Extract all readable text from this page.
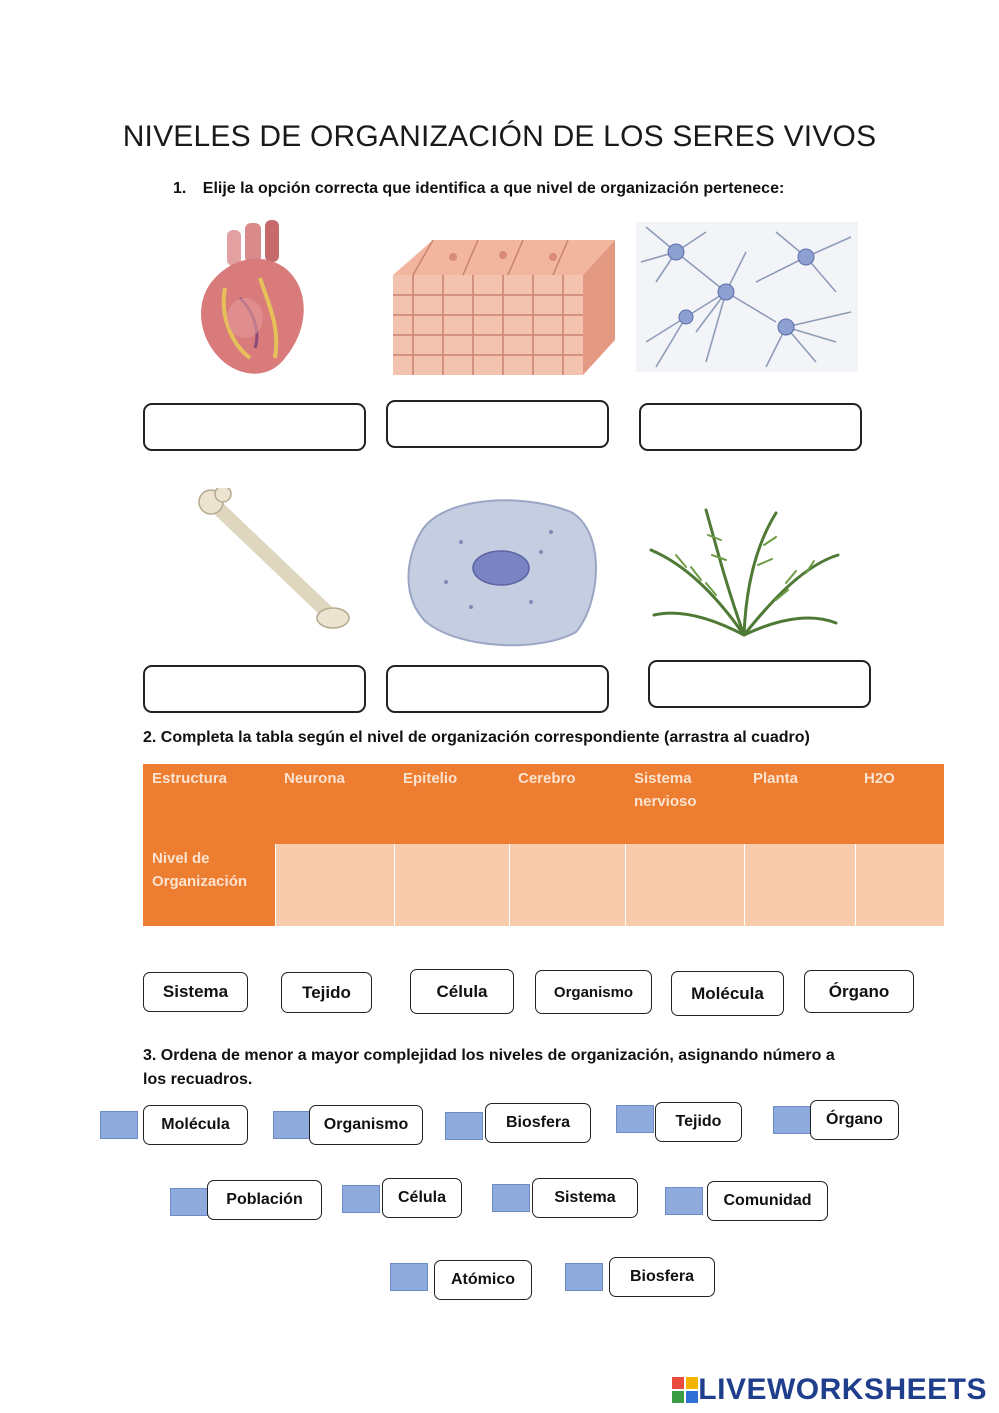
NIVELES DE ORGANIZACIÓN DE LOS SERES VIVOS
1. Elije la opción correcta que identifica a que nivel de organización pertenece:
2. Completa la tabla según el nivel de organización correspondiente (arrastra al cuadro)
Estructura	Neurona	Epitelio	Cerebro	Sistema nervioso	Planta	H2O
Nivel de Organización						
Sistema	Tejido	Célula	Organismo	Molécula	Órgano
3. Ordena de menor a mayor complejidad los niveles de organización, asignando número a
los recuadros.
Molécula	Organismo	Biosfera	Tejido	Órgano
Población	Célula	Sistema	Comunidad
Atómico	Biosfera
LIVEWORKSHEETS
